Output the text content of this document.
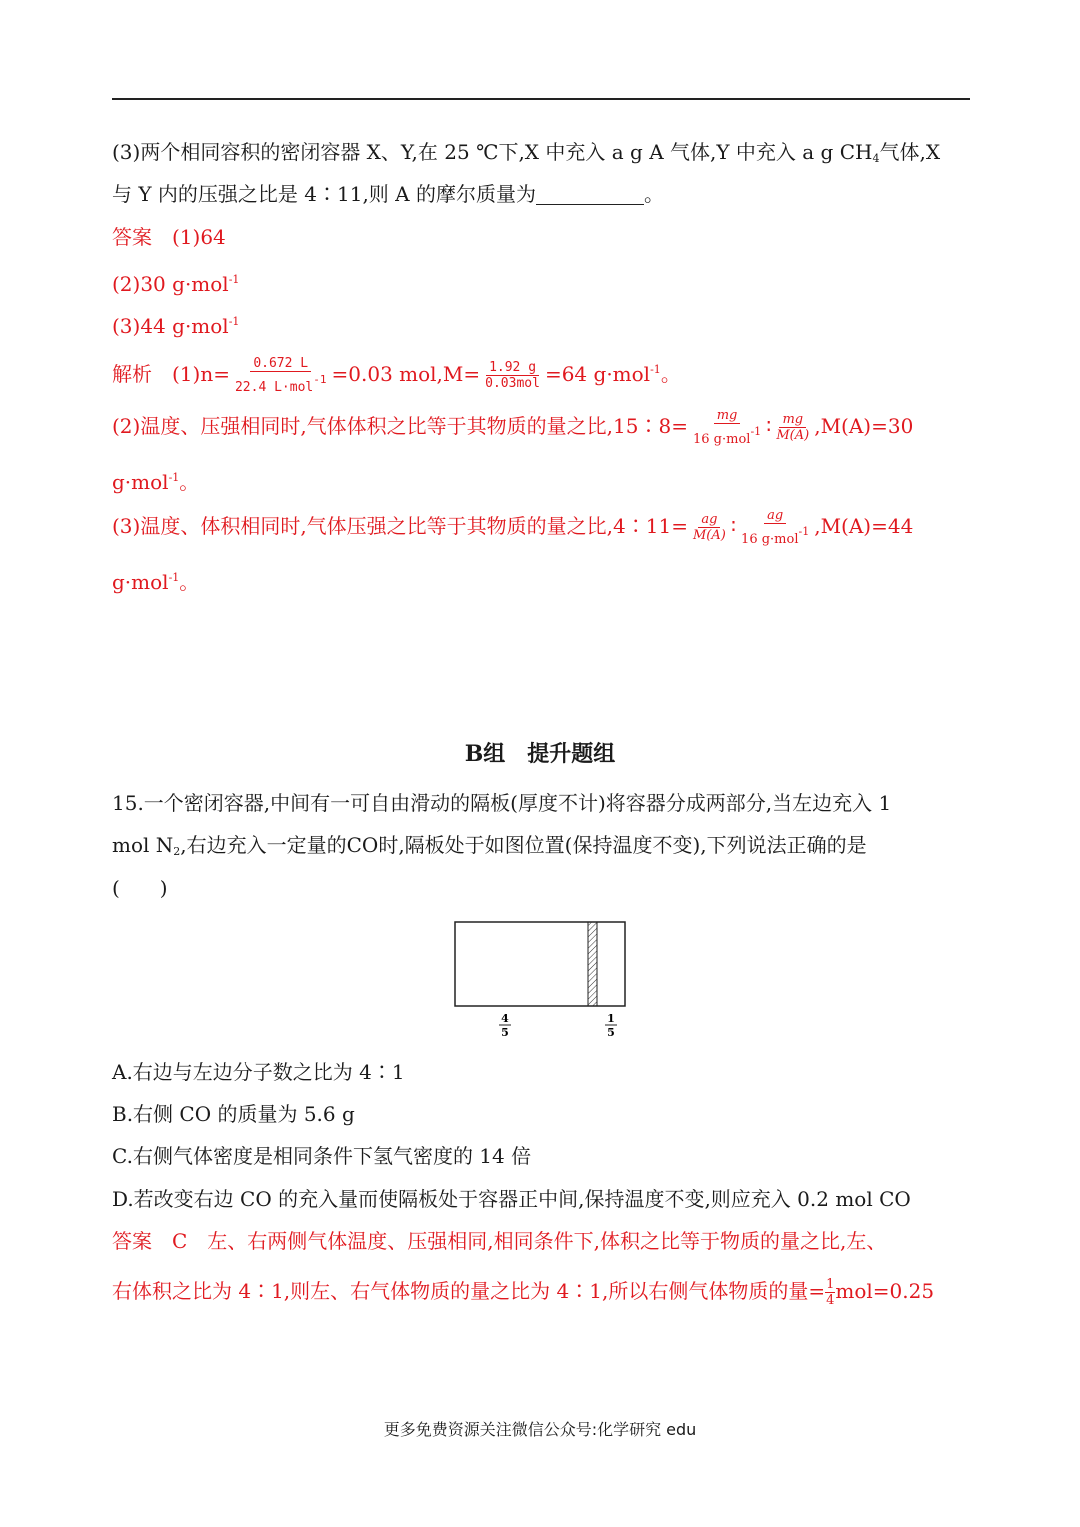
(3)两个相同容积的密闭容器 X、Y,在 25 ℃下,X 中充入 a g A 气体,Y 中充入 a g $CH_4$气体,X
与 Y 内的压强之比是 4∶11,则 A 的摩尔质量为	。
答案　(1)64
(2)30 g·mol$^{-1}$
(3)44 g·mol$^{-1}$
解析　$(1)n= \frac{0.672 L}{22.4 L\cdot mol^{-1}} =0.03$ $mol,M= \frac{1.92 g}{\text{0.03mol}} =64$ g·mol$^{-1}$。
(2)温度、压强相同时,气体体积之比等于其物质的量之比,15∶8= $\frac{mg}{16 g\cdot mol^{-1}}$ ∶ $\frac{mg}{M(A)} ,M(A)=30$
g·mol$^{-1}$。
(3)温度、体积相同时,气体压强之比等于其物质的量之比,4∶11= $\frac{ag}{M(A)}$ ∶ $\frac{ag}{16 g\cdot mol^{-1}} ,M(A)=44$
g·mol$^{-1}$。
B组　提升题组
15.一个密闭容器,中间有一可自由滑动的隔板(厚度不计)将容器分成两部分,当左边充入 1
mol $N_2$,右边充入一定量的CO时,隔板处于如图位置(保持温度不变),下列说法正确的是
(　　)
4
5
1
5
A.右边与左边分子数之比为 4∶1
B.右侧 CO 的质量为 5.6 g
C.右侧气体密度是相同条件下氢气密度的 14 倍
D.若改变右边 CO 的充入量而使隔板处于容器正中间,保持温度不变,则应充入 0.2 mol CO
答案　C　左、右两侧气体温度、压强相同,相同条件下,体积之比等于物质的量之比,左、
右体积之比为 4∶1,则左、右气体物质的量之比为 4∶1,所以右侧气体物质的量= $\frac{1}{4} mol=0.25$
更多免费资源关注微信公众号:化学研究 edu
